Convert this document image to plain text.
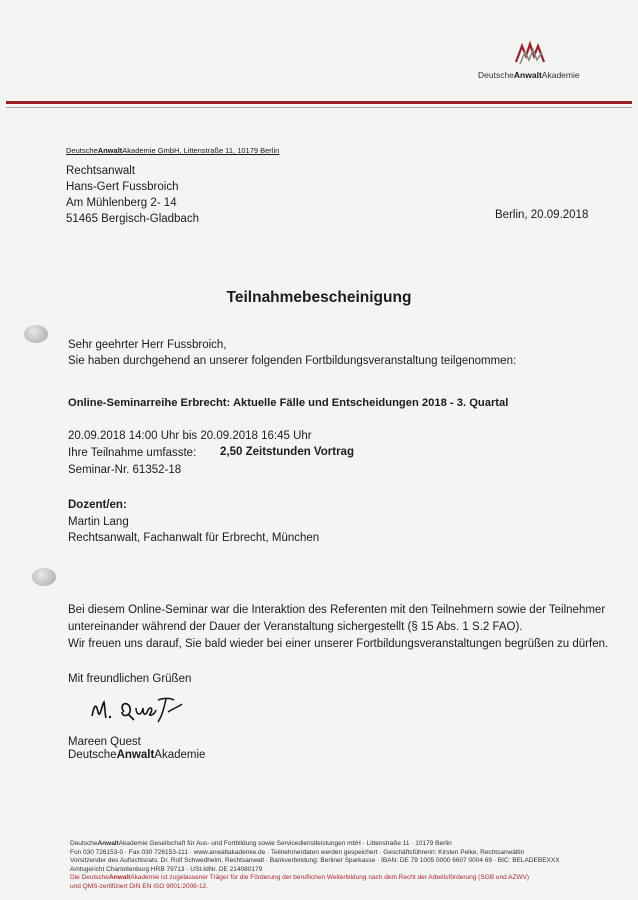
DeutscheAnwaltAkademie
DeutscheAnwaltAkademie GmbH, Littenstraße 11, 10179 Berlin
Rechtsanwalt
Hans-Gert Fussbroich
Am Mühlenberg 2- 14
51465 Bergisch-Gladbach	Berlin, 20.09.2018
Teilnahmebescheinigung
Sehr geehrter Herr Fussbroich,
Sie haben durchgehend an unserer folgenden Fortbildungsveranstaltung teilgenommen:
Online-Seminarreihe Erbrecht: Aktuelle Fälle und Entscheidungen 2018 - 3. Quartal
20.09.2018 14:00 Uhr bis 20.09.2018 16:45 Uhr
Ihre Teilnahme umfasste: 2,50 Zeitstunden Vortrag
Seminar-Nr. 61352-18
Dozent/en:
Martin Lang
Rechtsanwalt, Fachanwalt für Erbrecht, München
Bei diesem Online-Seminar war die Interaktion des Referenten mit den Teilnehmern sowie der Teilnehmer
untereinander während der Dauer der Veranstaltung sichergestellt (§ 15 Abs. 1 S.2 FAO).
Wir freuen uns darauf, Sie bald wieder bei einer unserer Fortbildungsveranstaltungen begrüßen zu dürfen.
Mit freundlichen Grüßen
Mareen Quest
DeutscheAnwaltAkademie
DeutscheAnwaltAkademie Gesellschaft für Aus- und Fortbildung sowie Servicedienstleistungen mbH · Littenstraße 11 · 10179 Berlin
Fon 030 726153-0 · Fax 030 726153-111 · www.anwaltakademie.de · Teilnehmerdaten werden gespeichert · Geschäftsführerin: Kirsten Pelke, Rechtsanwältin
Vorsitzender des Aufsichtsrats: Dr. Rolf Schwedhelm, Rechtsanwalt · Bankverbindung: Berliner Sparkasse · IBAN: DE 79 1005 0000 6607 0004 69 · BIC: BELADEBEXXX
Amtsgericht Charlottenburg HRB 79713 · USt-IdNr. DE 214080179
Die DeutscheAnwaltAkademie ist zugelassener Träger für die Förderung der beruflichen Weiterbildung nach dem Recht der Arbeitsförderung (SGB und AZWV)
und QMS-zertifiziert DIN EN ISO 9001:2008-12.
